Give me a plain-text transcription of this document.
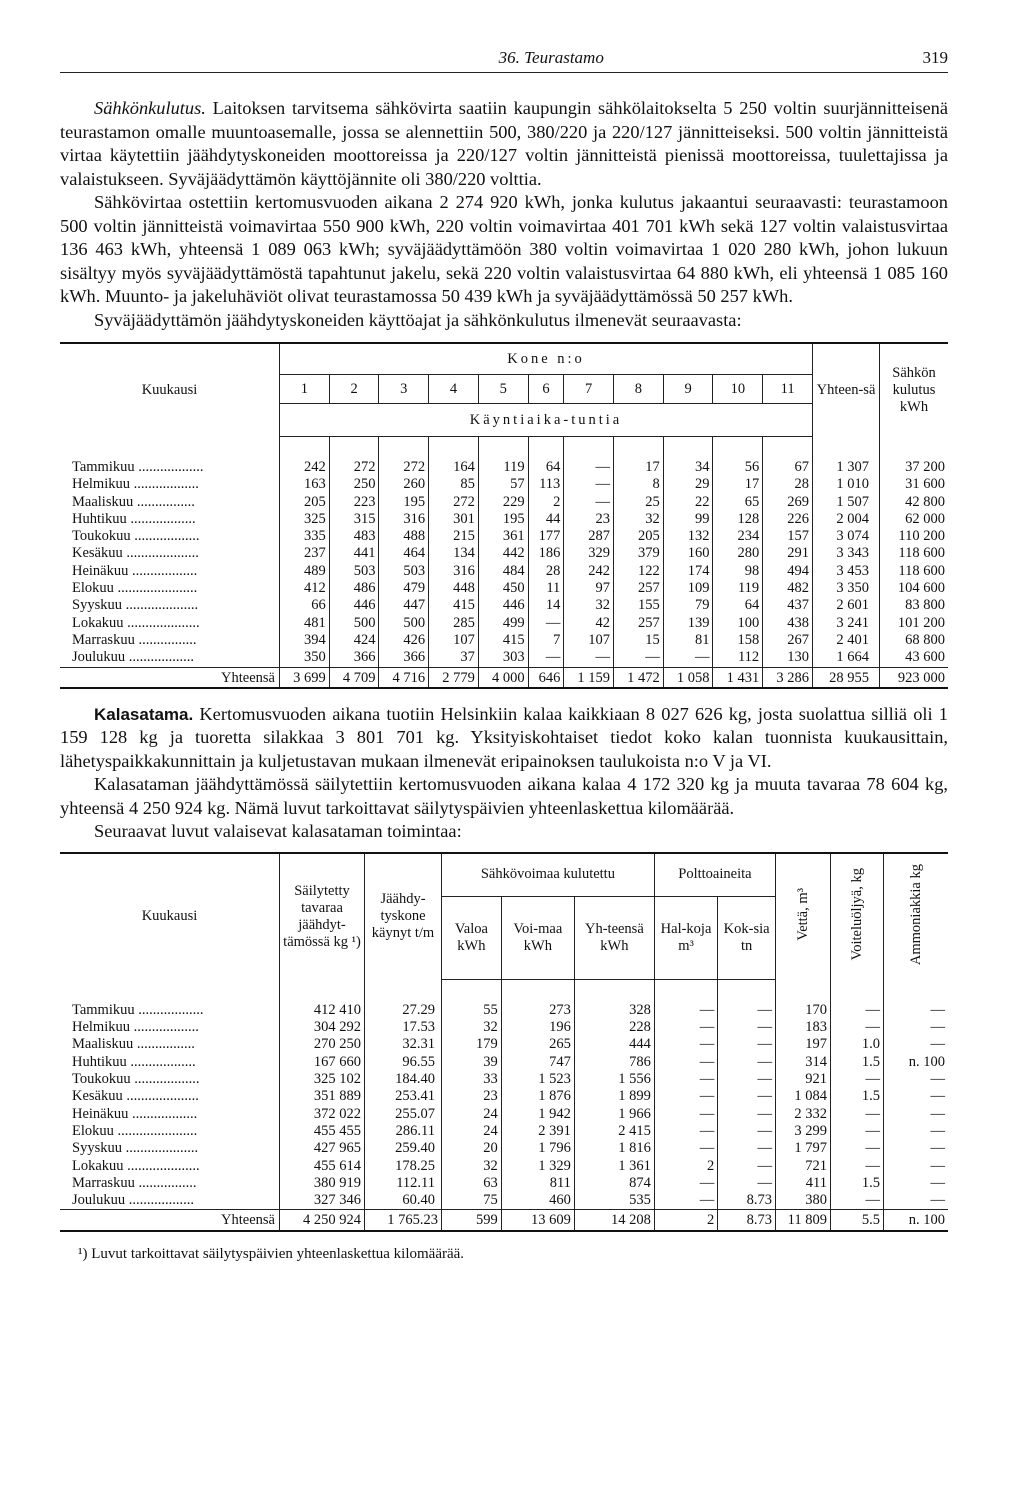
36. Teurastamo	319

Sähkönkulutus. Laitoksen tarvitsema sähkövirta saatiin kaupungin sähkölaitokselta 5 250 voltin suurjännitteisenä teurastamon omalle muuntoasemalle, jossa se alennettiin 500, 380/220 ja 220/127 jännitteiseksi. 500 voltin jännitteistä virtaa käytettiin jäähdytyskoneiden moottoreissa ja 220/127 voltin jännitteistä pienissä moottoreissa, tuulettajissa ja valaistukseen. Syväjäädyttämön käyttöjännite oli 380/220 volttia.

Sähkövirtaa ostettiin kertomusvuoden aikana 2 274 920 kWh, jonka kulutus jakaantui seuraavasti: teurastamoon 500 voltin jännitteistä voimavirtaa 550 900 kWh, 220 voltin voimavirtaa 401 701 kWh sekä 127 voltin valaistusvirtaa 136 463 kWh, yhteensä 1 089 063 kWh; syväjäädyttämöön 380 voltin voimavirtaa 1 020 280 kWh, johon lukuun sisältyy myös syväjäädyttämöstä tapahtunut jakelu, sekä 220 voltin valaistusvirtaa 64 880 kWh, eli yhteensä 1 085 160 kWh. Muunto- ja jakeluhäviöt olivat teurastamossa 50 439 kWh ja syväjäädyttämössä 50 257 kWh.

Syväjäädyttämön jäähdytyskoneiden käyttöajat ja sähkönkulutus ilmenevät seuraavasta:

Kuukausi	Kone n:o											Yhteen-sä	Sähkön kulutus kWh
	1	2	3	4	5	6	7	8	9	10	11		
	Käyntiaika-tuntia												

Tammikuu ..................	242	272	272	164	119	64	—	17	34	56	67	1 307	37 200
Helmikuu ..................	163	250	260	85	57	113	—	8	29	17	28	1 010	31 600
Maaliskuu ................	205	223	195	272	229	2	—	25	22	65	269	1 507	42 800
Huhtikuu ..................	325	315	316	301	195	44	23	32	99	128	226	2 004	62 000
Toukokuu ..................	335	483	488	215	361	177	287	205	132	234	157	3 074	110 200
Kesäkuu ....................	237	441	464	134	442	186	329	379	160	280	291	3 343	118 600
Heinäkuu ..................	489	503	503	316	484	28	242	122	174	98	494	3 453	118 600
Elokuu ......................	412	486	479	448	450	11	97	257	109	119	482	3 350	104 600
Syyskuu ....................	66	446	447	415	446	14	32	155	79	64	437	2 601	83 800
Lokakuu ....................	481	500	500	285	499	—	42	257	139	100	438	3 241	101 200
Marraskuu ................	394	424	426	107	415	7	107	15	81	158	267	2 401	68 800
Joulukuu ..................	350	366	366	37	303	—	—	—	—	112	130	1 664	43 600
Yhteensä	3 699	4 709	4 716	2 779	4 000	646	1 159	1 472	1 058	1 431	3 286	28 955	923 000

Kalasatama. Kertomusvuoden aikana tuotiin Helsinkiin kalaa kaikkiaan 8 027 626 kg, josta suolattua silliä oli 1 159 128 kg ja tuoretta silakkaa 3 801 701 kg. Yksityiskohtaiset tiedot koko kalan tuonnista kuukausittain, lähetyspaikkakunnittain ja kuljetustavan mukaan ilmenevät eripainoksen taulukoista n:o V ja VI.

Kalasataman jäähdyttämössä säilytettiin kertomusvuoden aikana kalaa 4 172 320 kg ja muuta tavaraa 78 604 kg, yhteensä 4 250 924 kg. Nämä luvut tarkoittavat säilytyspäivien yhteenlaskettua kilomäärää.

Seuraavat luvut valaisevat kalasataman toimintaa:

Kuukausi	Säilytetty tavaraa jäähdyt-tämössä kg ¹)	Jäähdy-tyskone käynyt t/m	Sähkövoimaa kulutettu			Polttoaineita		Vettä, m³	Voiteluöljyä, kg	Ammoniakkia kg
			Valoa kWh	Voi-maa kWh	Yh-teensä kWh	Hal-koja m³	Kok-sia tn			

Tammikuu ..................	412 410	27.29	55	273	328	—	—	170	—	—
Helmikuu ..................	304 292	17.53	32	196	228	—	—	183	—	—
Maaliskuu ................	270 250	32.31	179	265	444	—	—	197	1.0	—
Huhtikuu ..................	167 660	96.55	39	747	786	—	—	314	1.5	n. 100
Toukokuu ..................	325 102	184.40	33	1 523	1 556	—	—	921	—	—
Kesäkuu ....................	351 889	253.41	23	1 876	1 899	—	—	1 084	1.5	—
Heinäkuu ..................	372 022	255.07	24	1 942	1 966	—	—	2 332	—	—
Elokuu ......................	455 455	286.11	24	2 391	2 415	—	—	3 299	—	—
Syyskuu ....................	427 965	259.40	20	1 796	1 816	—	—	1 797	—	—
Lokakuu ....................	455 614	178.25	32	1 329	1 361	2	—	721	—	—
Marraskuu ................	380 919	112.11	63	811	874	—	—	411	1.5	—
Joulukuu ..................	327 346	60.40	75	460	535	—	8.73	380	—	—
Yhteensä	4 250 924	1 765.23	599	13 609	14 208	2	8.73	11 809	5.5	n. 100
¹) Luvut tarkoittavat säilytyspäivien yhteenlaskettua kilomäärää.
